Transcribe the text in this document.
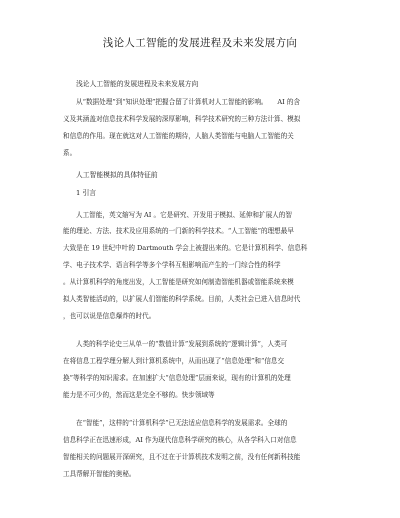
浅论人工智能的发展进程及未来发展方向
浅论人工智能的发展进程及未来发展方向
从“数据处理”到“知识处理”把握合留了计算机对人工智能的影响。　　AI 的含
义及其涵盖对信息技术科学发展的深厚影响，科学技术研究的三种方法计算、模拟
和信息的作用。现在就这对人工智能的期待，人脑人类智能与电脑人工智能的关
系。
人工智能模拟的具体特征前
1 引言
人工智能，英文缩写为 AI 。它是研究、开发用于模拟、延伸和扩展人的智
能的理论、方法、技术及应用系统的一门新的科学技术。“人工智能”的理想最早
大致是在 19 世纪中叶的 Dartmouth 学会上被提出来的。它是计算机科学、信息科
学、电子技术学、语言科学等多个学科互相影响而产生的一门综合性的科学
。从计算机科学的角度出发，人工智能是研究如何制造智能机器或智能系统来模
拟人类智能活动的，以扩展人们智能的科学系统。目前，人类社会已进入信息时代
，也可以说是信息爆炸的时代。
人类的科学论史三从单一的“数值计算”发展到系统的“逻辑计算”，人类可
在将信息工程学理分解人到计算机系统中，从而出现了“信息处理”和“信息交
换”等科学的知识需求。在加速扩大“信息处理”层面来说，现有的计算机的处理
能力是不可少的，然而这是完全不够的。快步领域等
在“智能”，这样的“计算机科学”已无法适应信息科学的发展需求。全球的
信息科学正在迅速形成，AI 作为现代信息科学研究的核心，从各学科入口对信息
智能相关的问题展开深研究，且不过在于计算机技术发明之前，没有任何新科技能
工具帮解开智能的奥秘。
